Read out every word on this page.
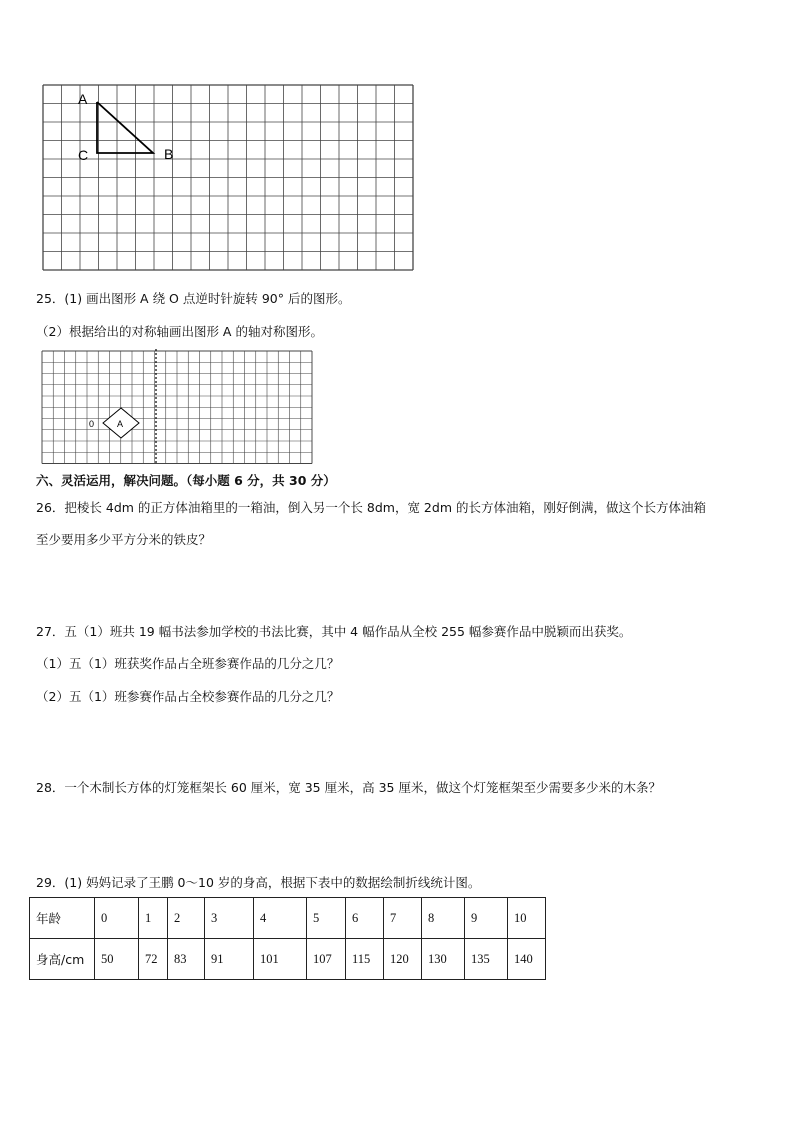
A
C	B
25．(1) 画出图形 A 绕 O 点逆时针旋转 90° 后的图形。
（2）根据给出的对称轴画出图形 A 的轴对称图形。
0	A
六、灵活运用，解决问题。（每小题 6 分，共 30 分）
26．把棱长 4dm 的正方体油箱里的一箱油，倒入另一个长 8dm，宽 2dm 的长方体油箱，刚好倒满，做这个长方体油箱
至少要用多少平方分米的铁皮？
27．五（1）班共 19 幅书法参加学校的书法比赛，其中 4 幅作品从全校 255 幅参赛作品中脱颖而出获奖。
（1）五（1）班获奖作品占全班参赛作品的几分之几？
（2）五（1）班参赛作品占全校参赛作品的几分之几？
28．一个木制长方体的灯笼框架长 60 厘米，宽 35 厘米，高 35 厘米，做这个灯笼框架至少需要多少米的木条？
29．(1) 妈妈记录了王鹏 0～10 岁的身高，根据下表中的数据绘制折线统计图。
年龄	0	1	2	3	4	5	6	7	8	9	10
身高/cm	50	72	83	91	101	107	115	120	130	135	140
